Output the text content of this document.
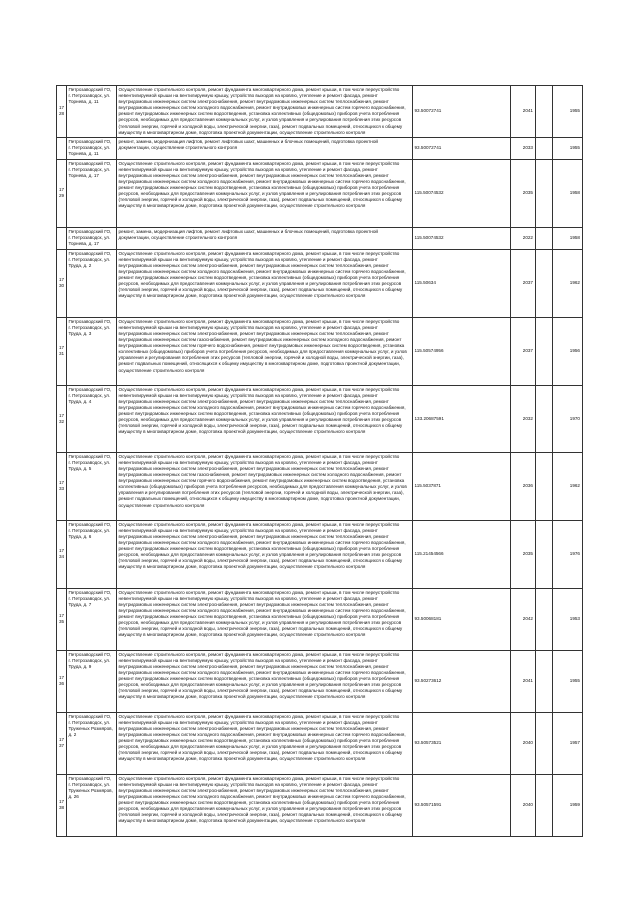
1728	Петрозаводский ГО, г. Петрозаводск, ул. Торнева, д. 11	Осуществление строительного контроля, ремонт фундамента многоквартирного дома, ремонт крыши, в том числе переустройство невентилируемой крыши на вентилируемую крышу, устройство выходов на кровлю, утепление и ремонт фасада, ремонт внутридомовых инженерных систем электроснабжения, ремонт внутридомовых инженерных систем теплоснабжения, ремонт внутридомовых инженерных систем холодного водоснабжения, ремонт внутридомовых инженерных систем горячего водоснабжения, ремонт внутридомовых инженерных систем водоотведения, установка коллективных (общедомовых) приборов учета потребления ресурсов, необходимых для предоставления коммунальных услуг, и узлов управления и регулирования потребления этих ресурсов (тепловой энергии, горячей и холодной воды, электрической энергии, газа), ремонт подвальных помещений, относящихся к общему имуществу в многоквартирном доме, подготовка проектной документации, осуществление строительного контроля	93.50072741	2041		1955
	Петрозаводский ГО, г. Петрозаводск, ул. Торнева, д. 11	ремонт, замена, модернизация лифтов, ремонт лифтовых шахт, машинных и блочных помещений, подготовка проектной документации, осуществление строительного контроля	93.50072741	2033		1955
1729	Петрозаводский ГО, г. Петрозаводск, ул. Торнева, д. 17	Осуществление строительного контроля, ремонт фундамента многоквартирного дома, ремонт крыши, в том числе переустройство невентилируемой крыши на вентилируемую крышу, устройство выходов на кровлю, утепление и ремонт фасада, ремонт внутридомовых инженерных систем электроснабжения, ремонт внутридомовых инженерных систем теплоснабжения, ремонт внутридомовых инженерных систем холодного водоснабжения, ремонт внутридомовых инженерных систем горячего водоснабжения, ремонт внутридомовых инженерных систем водоотведения, установка коллективных (общедомовых) приборов учета потребления ресурсов, необходимых для предоставления коммунальных услуг, и узлов управления и регулирования потребления этих ресурсов (тепловой энергии, горячей и холодной воды, электрической энергии, газа), ремонт подвальных помещений, относящихся к общему имуществу в многоквартирном доме, подготовка проектной документации, осуществление строительного контроля	115.50074532	2035		1958
	Петрозаводский ГО, г. Петрозаводск, ул. Торнева, д. 17	ремонт, замена, модернизация лифтов, ремонт лифтовых шахт, машинных и блочных помещений, подготовка проектной документации, осуществление строительного контроля	115.50074532	2022		1958
1730	Петрозаводский ГО, г. Петрозаводск, ул. Труда, д. 2	Осуществление строительного контроля, ремонт фундамента многоквартирного дома, ремонт крыши, в том числе переустройство невентилируемой крыши на вентилируемую крышу, устройство выходов на кровлю, утепление и ремонт фасада, ремонт внутридомовых инженерных систем электроснабжения, ремонт внутридомовых инженерных систем теплоснабжения, ремонт внутридомовых инженерных систем холодного водоснабжения, ремонт внутридомовых инженерных систем горячего водоснабжения, ремонт внутридомовых инженерных систем водоотведения, установка коллективных (общедомовых) приборов учета потребления ресурсов, необходимых для предоставления коммунальных услуг, и узлов управления и регулирования потребления этих ресурсов (тепловой энергии, горячей и холодной воды, электрической энергии, газа), ремонт подвальных помещений, относящихся к общему имуществу в многоквартирном доме, подготовка проектной документации, осуществление строительного контроля	115.50634	2037		1962
1731	Петрозаводский ГО, г. Петрозаводск, ул. Труда, д. 3	Осуществление строительного контроля, ремонт фундамента многоквартирного дома, ремонт крыши, в том числе переустройство невентилируемой крыши на вентилируемую крышу, устройство выходов на кровлю, утепление и ремонт фасада, ремонт внутридомовых инженерных систем электроснабжения, ремонт внутридомовых инженерных систем теплоснабжения, ремонт внутридомовых инженерных систем газоснабжения, ремонт внутридомовых инженерных систем холодного водоснабжения, ремонт внутридомовых инженерных систем горячего водоснабжения, ремонт внутридомовых инженерных систем водоотведения, установка коллективных (общедомовых) приборов учета потребления ресурсов, необходимых для предоставления коммунальных услуг, и узлов управления и регулирования потребления этих ресурсов (тепловой энергии, горячей и холодной воды, электрической энергии, газа), ремонт подвальных помещений, относящихся к общему имуществу в многоквартирном доме, подготовка проектной документации, осуществление строительного контроля	115.50574956	2037		1956
1732	Петрозаводский ГО, г. Петрозаводск, ул. Труда, д. 4	Осуществление строительного контроля, ремонт фундамента многоквартирного дома, ремонт крыши, в том числе переустройство невентилируемой крыши на вентилируемую крышу, устройство выходов на кровлю, утепление и ремонт фасада, ремонт внутридомовых инженерных систем электроснабжения, ремонт внутридомовых инженерных систем теплоснабжения, ремонт внутридомовых инженерных систем холодного водоснабжения, ремонт внутридомовых инженерных систем горячего водоснабжения, ремонт внутридомовых инженерных систем водоотведения, установка коллективных (общедомовых) приборов учета потребления ресурсов, необходимых для предоставления коммунальных услуг, и узлов управления и регулирования потребления этих ресурсов (тепловой энергии, горячей и холодной воды, электрической энергии, газа), ремонт подвальных помещений, относящихся к общему имуществу в многоквартирном доме, подготовка проектной документации, осуществление строительного контроля	133.20687591	2032		1970
1733	Петрозаводский ГО, г. Петрозаводск, ул. Труда, д. 5	Осуществление строительного контроля, ремонт фундамента многоквартирного дома, ремонт крыши, в том числе переустройство невентилируемой крыши на вентилируемую крышу, устройство выходов на кровлю, утепление и ремонт фасада, ремонт внутридомовых инженерных систем электроснабжения, ремонт внутридомовых инженерных систем теплоснабжения, ремонт внутридомовых инженерных систем газоснабжения, ремонт внутридомовых инженерных систем холодного водоснабжения, ремонт внутридомовых инженерных систем горячего водоснабжения, ремонт внутридомовых инженерных систем водоотведения, установка коллективных (общедомовых) приборов учета потребления ресурсов, необходимых для предоставления коммунальных услуг, и узлов управления и регулирования потребления этих ресурсов (тепловой энергии, горячей и холодной воды, электрической энергии, газа), ремонт подвальных помещений, относящихся к общему имуществу в многоквартирном доме, подготовка проектной документации, осуществление строительного контроля	115.5037871	2036		1962
1734	Петрозаводский ГО, г. Петрозаводск, ул. Труда, д. 6	Осуществление строительного контроля, ремонт фундамента многоквартирного дома, ремонт крыши, в том числе переустройство невентилируемой крыши на вентилируемую крышу, устройство выходов на кровлю, утепление и ремонт фасада, ремонт внутридомовых инженерных систем электроснабжения, ремонт внутридомовых инженерных систем теплоснабжения, ремонт внутридомовых инженерных систем холодного водоснабжения, ремонт внутридомовых инженерных систем горячего водоснабжения, ремонт внутридомовых инженерных систем водоотведения, установка коллективных (общедомовых) приборов учета потребления ресурсов, необходимых для предоставления коммунальных услуг, и узлов управления и регулирования потребления этих ресурсов (тепловой энергии, горячей и холодной воды, электрической энергии, газа), ремонт подвальных помещений, относящихся к общему имуществу в многоквартирном доме, подготовка проектной документации, осуществление строительного контроля	115.21454566	2035		1976
1735	Петрозаводский ГО, г. Петрозаводск, ул. Труда, д. 7	Осуществление строительного контроля, ремонт фундамента многоквартирного дома, ремонт крыши, в том числе переустройство невентилируемой крыши на вентилируемую крышу, устройство выходов на кровлю, утепление и ремонт фасада, ремонт внутридомовых инженерных систем электроснабжения, ремонт внутридомовых инженерных систем теплоснабжения, ремонт внутридомовых инженерных систем холодного водоснабжения, ремонт внутридомовых инженерных систем горячего водоснабжения, ремонт внутридомовых инженерных систем водоотведения, установка коллективных (общедомовых) приборов учета потребления ресурсов, необходимых для предоставления коммунальных услуг, и узлов управления и регулирования потребления этих ресурсов (тепловой энергии, горячей и холодной воды, электрической энергии, газа), ремонт подвальных помещений, относящихся к общему имуществу в многоквартирном доме, подготовка проектной документации, осуществление строительного контроля	93.50068181	2042		1953
1736	Петрозаводский ГО, г. Петрозаводск, ул. Труда, д. 9	Осуществление строительного контроля, ремонт фундамента многоквартирного дома, ремонт крыши, в том числе переустройство невентилируемой крыши на вентилируемую крышу, устройство выходов на кровлю, утепление и ремонт фасада, ремонт внутридомовых инженерных систем электроснабжения, ремонт внутридомовых инженерных систем теплоснабжения, ремонт внутридомовых инженерных систем холодного водоснабжения, ремонт внутридомовых инженерных систем горячего водоснабжения, ремонт внутридомовых инженерных систем водоотведения, установка коллективных (общедомовых) приборов учета потребления ресурсов, необходимых для предоставления коммунальных услуг, и узлов управления и регулирования потребления этих ресурсов (тепловой энергии, горячей и холодной воды, электрической энергии, газа), ремонт подвальных помещений, относящихся к общему имуществу в многоквартирном доме, подготовка проектной документации, осуществление строительного контроля	93.50273612	2041		1955
1737	Петрозаводский ГО, г. Петрозаводск, ул. Труженых Розмяров, д. 2	Осуществление строительного контроля, ремонт фундамента многоквартирного дома, ремонт крыши, в том числе переустройство невентилируемой крыши на вентилируемую крышу, устройство выходов на кровлю, утепление и ремонт фасада, ремонт внутридомовых инженерных систем электроснабжения, ремонт внутридомовых инженерных систем теплоснабжения, ремонт внутридомовых инженерных систем холодного водоснабжения, ремонт внутридомовых инженерных систем горячего водоснабжения, ремонт внутридомовых инженерных систем водоотведения, установка коллективных (общедомовых) приборов учета потребления ресурсов, необходимых для предоставления коммунальных услуг, и узлов управления и регулирования потребления этих ресурсов (тепловой энергии, горячей и холодной воды, электрической энергии, газа), ремонт подвальных помещений, относящихся к общему имуществу в многоквартирном доме, подготовка проектной документации, осуществление строительного контроля	93.50573521	2040		1957
1738	Петрозаводский ГО, г. Петрозаводск, ул. Труженых Розмяров, д. 26	Осуществление строительного контроля, ремонт фундамента многоквартирного дома, ремонт крыши, в том числе переустройство невентилируемой крыши на вентилируемую крышу, устройство выходов на кровлю, утепление и ремонт фасада, ремонт внутридомовых инженерных систем электроснабжения, ремонт внутридомовых инженерных систем теплоснабжения, ремонт внутридомовых инженерных систем холодного водоснабжения, ремонт внутридомовых инженерных систем горячего водоснабжения, ремонт внутридомовых инженерных систем водоотведения, установка коллективных (общедомовых) приборов учета потребления ресурсов, необходимых для предоставления коммунальных услуг, и узлов управления и регулирования потребления этих ресурсов (тепловой энергии, горячей и холодной воды, электрической энергии, газа), ремонт подвальных помещений, относящихся к общему имуществу в многоквартирном доме, подготовка проектной документации, осуществление строительного контроля	93.50571591	2040		1959
